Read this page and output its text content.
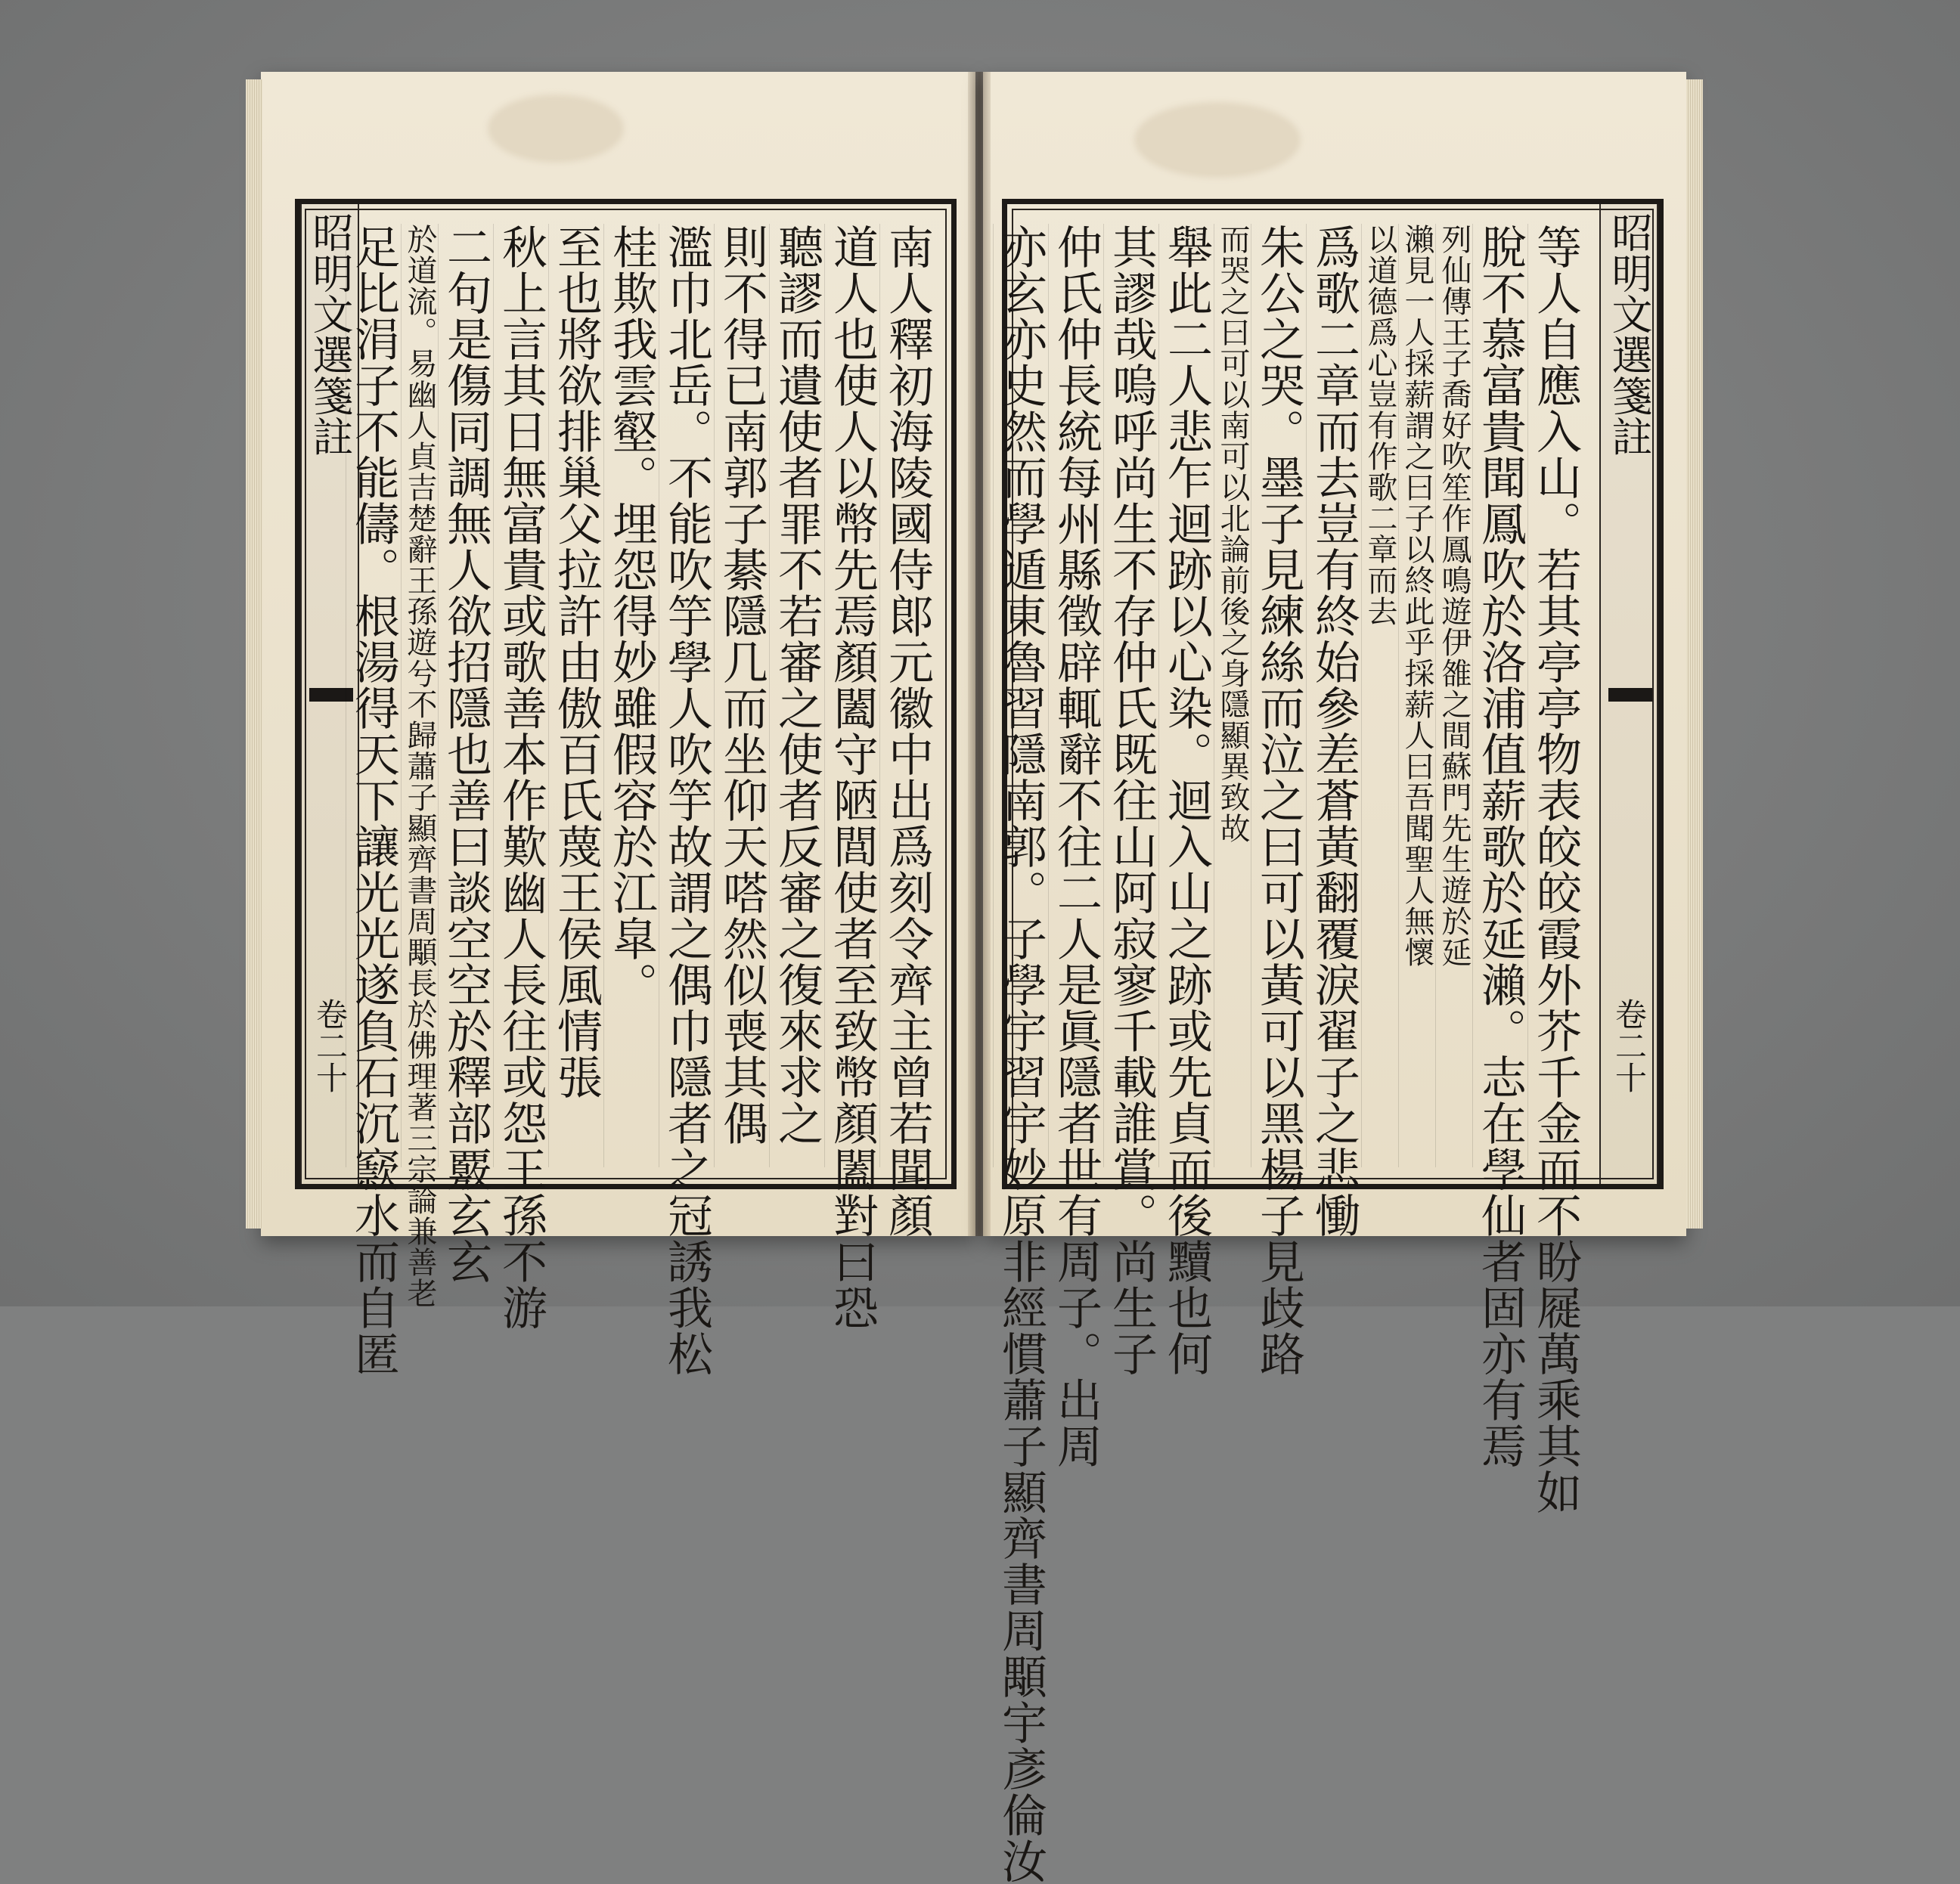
昭明文選箋註
卷二十	南人釋初海陵國侍郞元徽中出爲刻令齊主曾若聞顏
道人也使人以幣先焉顏闔守陋閭使者至致幣顏闔對曰恐
聽謬而遺使者罪不若審之使者反審之復來求之
則不得已南郭子綦隱几而坐仰天嗒然似喪其偶
濫巾北岳。不能吹竽學人吹竽故謂之偶巾隱者之冠誘我松
桂欺我雲壑。埋怨得妙雖假容於江皐。
至也將欲排巢父拉許由傲百氏蔑王侯風情張
秋上言其日無富貴或歌善本作歎幽人長往或怨王孫不游
二句是傷同調無人欲招隱也善曰談空空於釋部覈玄玄
於道流。易幽人貞吉楚辭王孫遊兮不歸蕭子顯齊書周顒長於佛理著三宗論兼善老
足比涓子不能儔。根湯得天下讓光光遂負石沉窾水而自匿	昭明文選箋註
卷二十
等人自應入山。若其亭亭物表皎皎霞外芥千金而不盼屣萬乘其如
脫不慕富貴聞鳳吹於洛浦值薪歌於延瀨。志在學仙者固亦有焉
列仙傳王子喬好吹笙作鳳鳴遊伊雒之間蘇門先生遊於延
瀨見一人採薪謂之曰子以終此乎採薪人曰吾聞聖人無懷
以道德爲心豈有作歌二章而去
爲歌二章而去豈有終始參差蒼黃翻覆淚翟子之悲慟
朱公之哭。墨子見練絲而泣之曰可以黃可以黑楊子見歧路
而哭之曰可以南可以北論前後之身隱顯異致故
舉此二人悲乍迴跡以心染。迴入山之跡或先貞而後黷也何
其謬哉嗚呼尚生不存仲氏既往山阿寂寥千載誰賞。尚生子
仲氏仲長統每州縣徵辟輒辭不往二人是眞隱者世有周子。出周
亦玄亦史然而學遁東魯習隱南郭。子學宇習宇妙原非經慣蕭子顯齊書周顒宇彥倫汝
